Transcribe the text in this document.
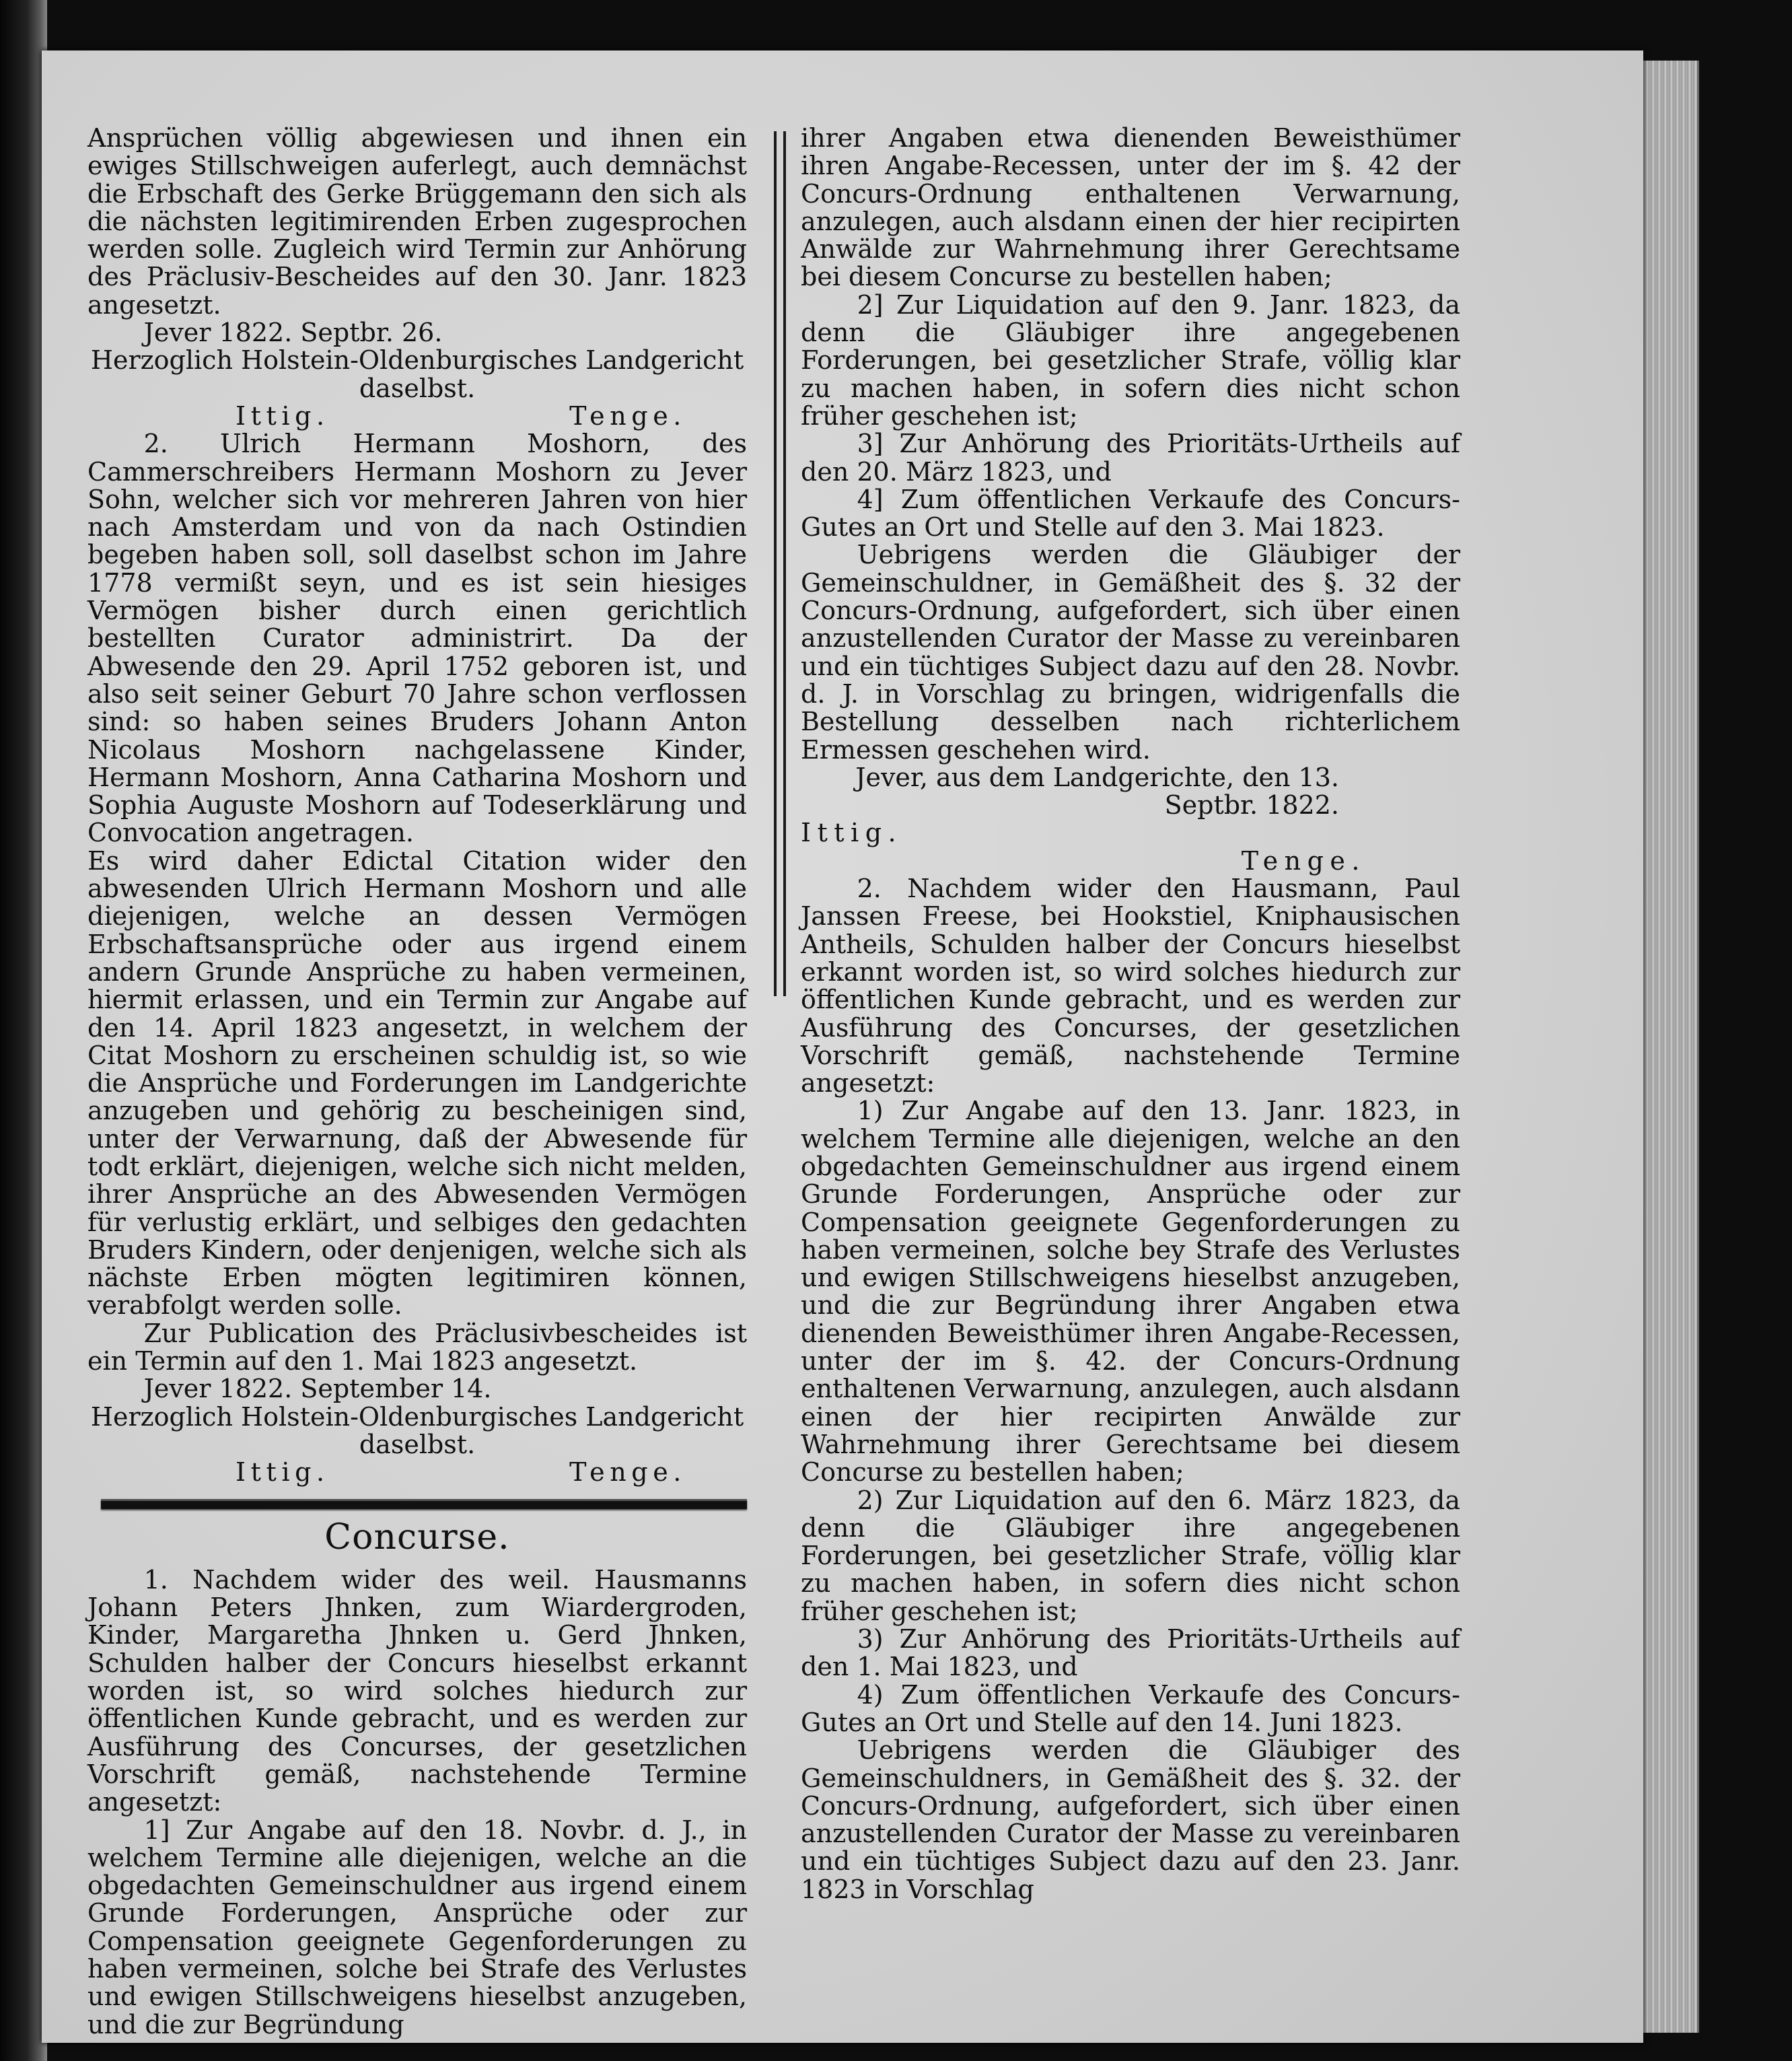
Ansprüchen völlig abgewiesen und ihnen ein ewiges Stillschweigen auferlegt, auch demnächst die Erbschaft des Gerke Brüggemann den sich als die nächsten legitimirenden Erben zugesprochen werden solle. Zugleich wird Termin zur Anhörung des Präclusiv-Bescheides auf den 30. Janr. 1823 angesetzt.

Jever 1822. Septbr. 26.

Herzoglich Holstein-Oldenburgisches Landgericht daselbst.

Ittig.	Tenge.

2. Ulrich Hermann Moshorn, des Cammerschreibers Hermann Moshorn zu Jever Sohn, welcher sich vor mehreren Jahren von hier nach Amsterdam und von da nach Ostindien begeben haben soll, soll daselbst schon im Jahre 1778 vermißt seyn, und es ist sein hiesiges Vermögen bisher durch einen gerichtlich bestellten Curator administrirt. Da der Abwesende den 29. April 1752 geboren ist, und also seit seiner Geburt 70 Jahre schon verflossen sind: so haben seines Bruders Johann Anton Nicolaus Moshorn nachgelassene Kinder, Hermann Moshorn, Anna Catharina Moshorn und Sophia Auguste Moshorn auf Todeserklärung und Convocation angetragen.

Es wird daher Edictal Citation wider den abwesenden Ulrich Hermann Moshorn und alle diejenigen, welche an dessen Vermögen Erbschaftsansprüche oder aus irgend einem andern Grunde Ansprüche zu haben vermeinen, hiermit erlassen, und ein Termin zur Angabe auf den 14. April 1823 angesetzt, in welchem der Citat Moshorn zu erscheinen schuldig ist, so wie die Ansprüche und Forderungen im Landgerichte anzugeben und gehörig zu bescheinigen sind, unter der Verwarnung, daß der Abwesende für todt erklärt, diejenigen, welche sich nicht melden, ihrer Ansprüche an des Abwesenden Vermögen für verlustig erklärt, und selbiges den gedachten Bruders Kindern, oder denjenigen, welche sich als nächste Erben mögten legitimiren können, verabfolgt werden solle.

Zur Publication des Präclusivbescheides ist ein Termin auf den 1. Mai 1823 angesetzt.

Jever 1822. September 14.

Herzoglich Holstein-Oldenburgisches Landgericht daselbst.

Ittig.	Tenge.
Concurse.

1. Nachdem wider des weil. Hausmanns Johann Peters Jhnken, zum Wiardergroden, Kinder, Margaretha Jhnken u. Gerd Jhnken, Schulden halber der Concurs hieselbst erkannt worden ist, so wird solches hiedurch zur öffentlichen Kunde gebracht, und es werden zur Ausführung des Concurses, der gesetzlichen Vorschrift gemäß, nachstehende Termine angesetzt:

1] Zur Angabe auf den 18. Novbr. d. J., in welchem Termine alle diejenigen, welche an die obgedachten Gemeinschuldner aus irgend einem Grunde Forderungen, Ansprüche oder zur Compensation geeignete Gegenforderungen zu haben vermeinen, solche bei Strafe des Verlustes und ewigen Stillschweigens hieselbst anzugeben, und die zur Begründung

ihrer Angaben etwa dienenden Beweisthümer ihren Angabe-Recessen, unter der im §. 42 der Concurs-Ordnung enthaltenen Verwarnung, anzulegen, auch alsdann einen der hier recipirten Anwälde zur Wahrnehmung ihrer Gerechtsame bei diesem Concurse zu bestellen haben;

2] Zur Liquidation auf den 9. Janr. 1823, da denn die Gläubiger ihre angegebenen Forderungen, bei gesetzlicher Strafe, völlig klar zu machen haben, in sofern dies nicht schon früher geschehen ist;

3] Zur Anhörung des Prioritäts-Urtheils auf den 20. März 1823, und

4] Zum öffentlichen Verkaufe des Concurs-Gutes an Ort und Stelle auf den 3. Mai 1823.

Uebrigens werden die Gläubiger der Gemeinschuldner, in Gemäßheit des §. 32 der Concurs-Ordnung, aufgefordert, sich über einen anzustellenden Curator der Masse zu vereinbaren und ein tüchtiges Subject dazu auf den 28. Novbr. d. J. in Vorschlag zu bringen, widrigenfalls die Bestellung desselben nach richterlichem Ermessen geschehen wird.

Jever, aus dem Landgerichte, den 13. Septbr. 1822.

Ittig.

Tenge.

2. Nachdem wider den Hausmann, Paul Janssen Freese, bei Hookstiel, Kniphausischen Antheils, Schulden halber der Concurs hieselbst erkannt worden ist, so wird solches hiedurch zur öffentlichen Kunde gebracht, und es werden zur Ausführung des Concurses, der gesetzlichen Vorschrift gemäß, nachstehende Termine angesetzt:

1) Zur Angabe auf den 13. Janr. 1823, in welchem Termine alle diejenigen, welche an den obgedachten Gemeinschuldner aus irgend einem Grunde Forderungen, Ansprüche oder zur Compensation geeignete Gegenforderungen zu haben vermeinen, solche bey Strafe des Verlustes und ewigen Stillschweigens hieselbst anzugeben, und die zur Begründung ihrer Angaben etwa dienenden Beweisthümer ihren Angabe-Recessen, unter der im §. 42. der Concurs-Ordnung enthaltenen Verwarnung, anzulegen, auch alsdann einen der hier recipirten Anwälde zur Wahrnehmung ihrer Gerechtsame bei diesem Concurse zu bestellen haben;

2) Zur Liquidation auf den 6. März 1823, da denn die Gläubiger ihre angegebenen Forderungen, bei gesetzlicher Strafe, völlig klar zu machen haben, in sofern dies nicht schon früher geschehen ist;

3) Zur Anhörung des Prioritäts-Urtheils auf den 1. Mai 1823, und

4) Zum öffentlichen Verkaufe des Concurs-Gutes an Ort und Stelle auf den 14. Juni 1823.

Uebrigens werden die Gläubiger des Gemeinschuldners, in Gemäßheit des §. 32. der Concurs-Ordnung, aufgefordert, sich über einen anzustellenden Curator der Masse zu vereinbaren und ein tüchtiges Subject dazu auf den 23. Janr. 1823 in Vorschlag
